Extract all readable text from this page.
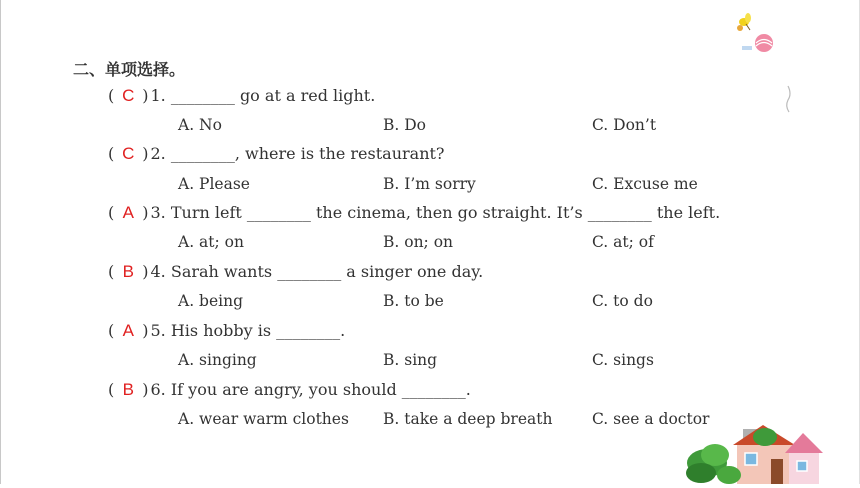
二、单项选择。
( C ) 1. ________ go at a red light.
A. No	B. Do	C. Don’t
( C ) 2. ________, where is the restaurant?
A. Please	B. I’m sorry	C. Excuse me
( A ) 3. Turn left ________ the cinema, then go straight. It’s ________ the left.
A. at; on	B. on; on	C. at; of
( B ) 4. Sarah wants ________ a singer one day.
A. being	B. to be	C. to do
( A ) 5. His hobby is ________.
A. singing	B. sing	C. sings
( B ) 6. If you are angry, you should ________.
A. wear warm clothes B. take a deep breath	C. see a doctor
